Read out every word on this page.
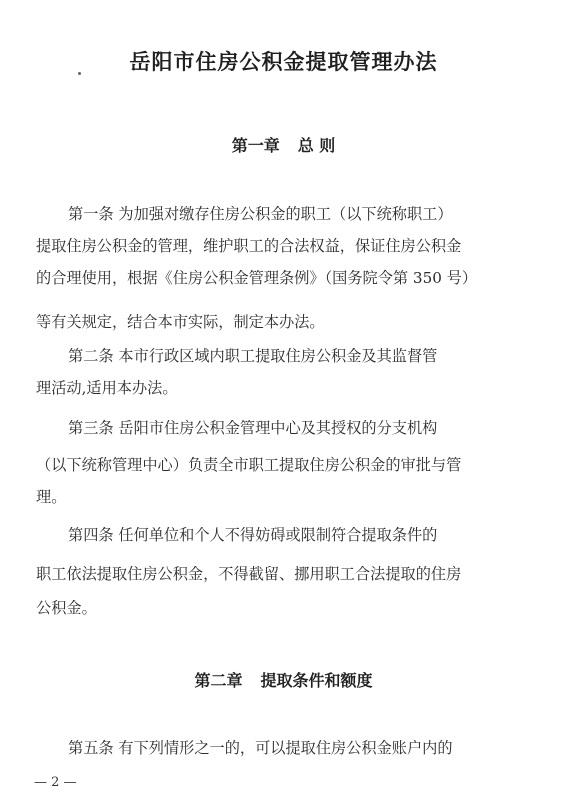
岳阳市住房公积金提取管理办法
第一章 总 则
第一条 为加强对缴存住房公积金的职工（以下统称职工）
提取住房公积金的管理，维护职工的合法权益，保证住房公积金
的合理使用，根据《住房公积金管理条例》（国务院令第 350 号）
等有关规定，结合本市实际，制定本办法。
第二条 本市行政区域内职工提取住房公积金及其监督管
理活动,适用本办法。
第三条 岳阳市住房公积金管理中心及其授权的分支机构
（以下统称管理中心）负责全市职工提取住房公积金的审批与管
理。
第四条 任何单位和个人不得妨碍或限制符合提取条件的
职工依法提取住房公积金，不得截留、挪用职工合法提取的住房
公积金。
第二章 提取条件和额度
第五条 有下列情形之一的，可以提取住房公积金账户内的
— 2 —
